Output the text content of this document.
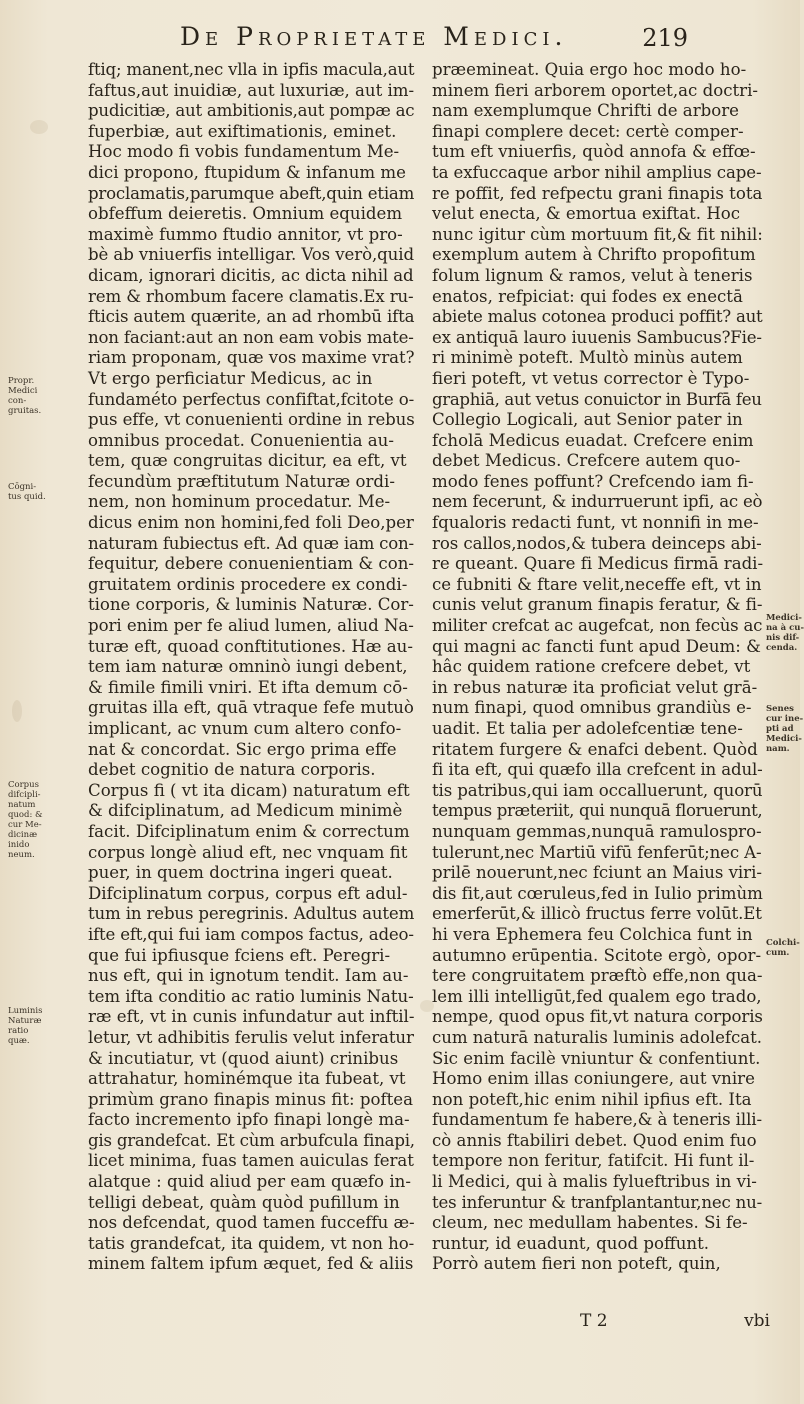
De Proprietate Medici.	219
ftiq; manent,nec vlla in ipfis macula,aut
faftus,aut inuidiæ, aut luxuriæ, aut im-
pudicitiæ, aut ambitionis,aut pompæ ac
fuperbiæ, aut exiftimationis, eminet.
Hoc modo fi vobis fundamentum Me-
dici propono, ftupidum & infanum me
proclamatis,parumque abeft,quin etiam
obfeffum deieretis. Omnium equidem
maximè fummo ftudio annitor, vt pro-
bè ab vniuerfis intelligar. Vos verò,quid
dicam, ignorari dicitis, ac dicta nihil ad
rem & rhombum facere clamatis.Ex ru-
fticis autem quærite, an ad rhombū ifta
non faciant:aut an non eam vobis mate-
riam proponam, quæ vos maxime vrat?
Vt ergo perficiatur Medicus, ac in
fundaméto perfectus confiftat,fcitote o-
pus effe, vt conuenienti ordine in rebus
omnibus procedat. Conuenientia au-
tem, quæ congruitas dicitur, ea eft, vt
fecundùm præftitutum Naturæ ordi-
nem, non hominum procedatur. Me-
dicus enim non homini,fed foli Deo,per
naturam fubiectus eft. Ad quæ iam con-
fequitur, debere conuenientiam & con-
gruitatem ordinis procedere ex condi-
tione corporis, & luminis Naturæ. Cor-
pori enim per fe aliud lumen, aliud Na-
turæ eft, quoad conftitutiones. Hæ au-
tem iam naturæ omninò iungi debent,
& fimile fimili vniri. Et ifta demum cō-
gruitas illa eft, quā vtraque fefe mutuò
implicant, ac vnum cum altero confo-
nat & concordat. Sic ergo prima effe
debet cognitio de natura corporis.
Corpus fi ( vt ita dicam) naturatum eft
& difciplinatum, ad Medicum minimè
facit. Difciplinatum enim & correctum
corpus longè aliud eft, nec vnquam fit
puer, in quem doctrina ingeri queat.
Difciplinatum corpus, corpus eft adul-
tum in rebus peregrinis. Adultus autem
ifte eft,qui fui iam compos factus, adeo-
que fui ipfiusque fciens eft. Peregri-
nus eft, qui in ignotum tendit. Iam au-
tem ifta conditio ac ratio luminis Natu-
ræ eft, vt in cunis infundatur aut inftil-
letur, vt adhibitis ferulis velut inferatur
& incutiatur, vt (quod aiunt) crinibus
attrahatur, hominémque ita fubeat, vt
primùm grano finapis minus fit: poftea
facto incremento ipfo finapi longè ma-
gis grandefcat. Et cùm arbufcula finapi,
licet minima, fuas tamen auiculas ferat
alatque : quid aliud per eam quæfo in-
telligi debeat, quàm quòd pufillum in
nos defcendat, quod tamen fucceffu æ-
tatis grandefcat, ita quidem, vt non ho-
minem faltem ipfum æquet, fed & aliis
præemineat. Quia ergo hoc modo ho-
minem fieri arborem oportet,ac doctri-
nam exemplumque Chrifti de arbore
finapi complere decet: certè comper-
tum eft vniuerfis, quòd annofa & effœ-
ta exfuccaque arbor nihil amplius cape-
re poffit, fed refpectu grani finapis tota
velut enecta, & emortua exiftat. Hoc
nunc igitur cùm mortuum fit,& fit nihil:
exemplum autem à Chrifto propofitum
folum lignum & ramos, velut à teneris
enatos, refpiciat: qui fodes ex enectā
abiete malus cotonea produci poffit? aut
ex antiquā lauro iuuenis Sambucus?Fie-
ri minimè poteft. Multò minùs autem
fieri poteft, vt vetus corrector è Typo-
graphiā, aut vetus conuictor in Burfā feu
Collegio Logicali, aut Senior pater in
fcholā Medicus euadat. Crefcere enim
debet Medicus. Crefcere autem quo-
modo fenes poffunt? Crefcendo iam fi-
nem fecerunt, & indurruerunt ipfi, ac eò
fqualoris redacti funt, vt nonnifi in me-
ros callos,nodos,& tubera deinceps abi-
re queant. Quare fi Medicus firmā radi-
ce fubniti & ftare velit,neceffe eft, vt in
cunis velut granum finapis feratur, & fi-
militer crefcat ac augefcat, non fecùs ac
qui magni ac fancti funt apud Deum: &
hâc quidem ratione crefcere debet, vt
in rebus naturæ ita proficiat velut grā-
num finapi, quod omnibus grandiùs e-
uadit. Et talia per adolefcentiæ tene-
ritatem furgere & enafci debent. Quòd
fi ita eft, qui quæfo illa crefcent in adul-
tis patribus,qui iam occalluerunt, quorū
tempus præteriit, qui nunquā floruerunt,
nunquam gemmas,nunquā ramulospro-
tulerunt,nec Martiū vifū fenferūt;nec A-
prilē nouerunt,nec fciunt an Maius viri-
dis fit,aut cœruleus,fed in Iulio primùm
emerferūt,& illicò fructus ferre volūt.Et
hi vera Ephemera feu Colchica funt in
autumno erūpentia. Scitote ergò, opor-
tere congruitatem præftò effe,non qua-
lem illi intelligūt,fed qualem ego trado,
nempe, quod opus fit,vt natura corporis
cum naturā naturalis luminis adolefcat.
Sic enim facilè vniuntur & confentiunt.
Homo enim illas coniungere, aut vnire
non poteft,hic enim nihil ipfius eft. Ita
fundamentum fe habere,& à teneris illi-
cò annis ftabiliri debet. Quod enim fuo
tempore non feritur, fatifcit. Hi funt il-
li Medici, qui à malis fylueftribus in vi-
tes inferuntur & tranfplantantur,nec nu-
cleum, nec medullam habentes. Si fe-
runtur, id euadunt, quod poffunt.
Porrò autem fieri non poteft, quin,
Propr.
Medici
con-
gruitas.
Cōgni-
tus quid.
Corpus
difcipli-
natum
quod: &
cur Me-
dicinæ
inido
neum.
Luminis
Naturæ
ratio
quæ.
Medici-
na à cu-
nis dif-
cenda.
Senes
cur ine-
pti ad
Medici-
nam.
Colchi-
cum.
T 2	vbi
